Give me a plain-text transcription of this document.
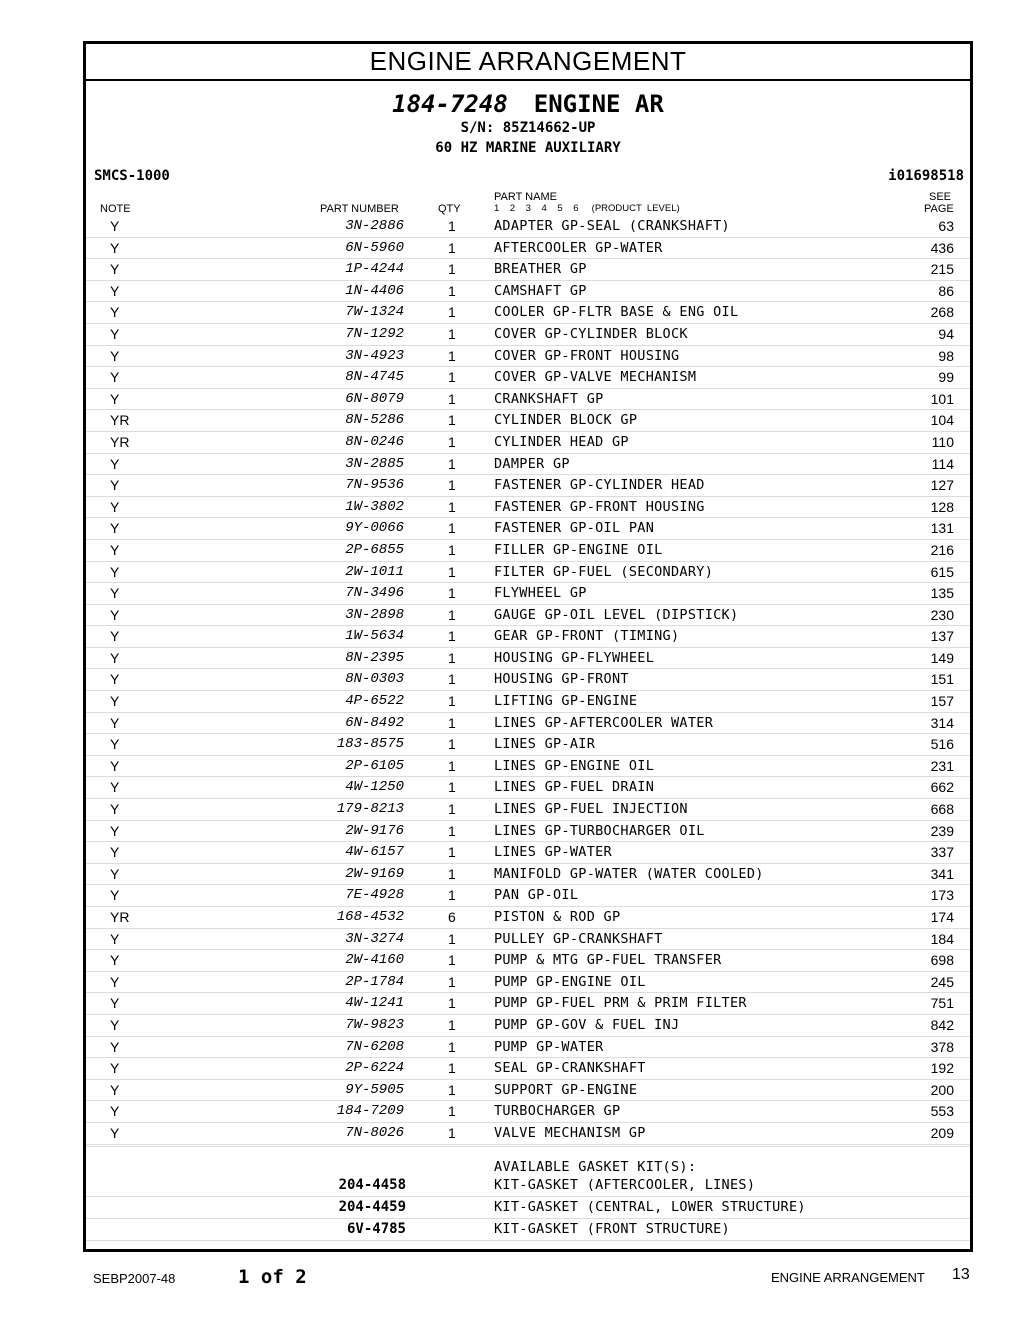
ENGINE ARRANGEMENT
184-7248 ENGINE AR
S/N: 85Z14662-UP
60 HZ MARINE AUXILIARY
SMCS-1000	i01698518
NOTE	PART NUMBER	QTY
PART NAME
1    2    3    4    5    6     (PRODUCT  LEVEL)
SEE
PAGE
Y	3N-2886	1	ADAPTER GP-SEAL (CRANKSHAFT)	63
Y	6N-5960	1	AFTERCOOLER GP-WATER	436
Y	1P-4244	1	BREATHER GP	215
Y	1N-4406	1	CAMSHAFT GP	86
Y	7W-1324	1	COOLER GP-FLTR BASE & ENG OIL	268
Y	7N-1292	1	COVER GP-CYLINDER BLOCK	94
Y	3N-4923	1	COVER GP-FRONT HOUSING	98
Y	8N-4745	1	COVER GP-VALVE MECHANISM	99
Y	6N-8079	1	CRANKSHAFT GP	101
YR	8N-5286	1	CYLINDER BLOCK GP	104
YR	8N-0246	1	CYLINDER HEAD GP	110
Y	3N-2885	1	DAMPER GP	114
Y	7N-9536	1	FASTENER GP-CYLINDER HEAD	127
Y	1W-3802	1	FASTENER GP-FRONT HOUSING	128
Y	9Y-0066	1	FASTENER GP-OIL PAN	131
Y	2P-6855	1	FILLER GP-ENGINE OIL	216
Y	2W-1011	1	FILTER GP-FUEL (SECONDARY)	615
Y	7N-3496	1	FLYWHEEL GP	135
Y	3N-2898	1	GAUGE GP-OIL LEVEL (DIPSTICK)	230
Y	1W-5634	1	GEAR GP-FRONT (TIMING)	137
Y	8N-2395	1	HOUSING GP-FLYWHEEL	149
Y	8N-0303	1	HOUSING GP-FRONT	151
Y	4P-6522	1	LIFTING GP-ENGINE	157
Y	6N-8492	1	LINES GP-AFTERCOOLER WATER	314
Y	183-8575	1	LINES GP-AIR	516
Y	2P-6105	1	LINES GP-ENGINE OIL	231
Y	4W-1250	1	LINES GP-FUEL DRAIN	662
Y	179-8213	1	LINES GP-FUEL INJECTION	668
Y	2W-9176	1	LINES GP-TURBOCHARGER OIL	239
Y	4W-6157	1	LINES GP-WATER	337
Y	2W-9169	1	MANIFOLD GP-WATER (WATER COOLED)	341
Y	7E-4928	1	PAN GP-OIL	173
YR	168-4532	6	PISTON & ROD GP	174
Y	3N-3274	1	PULLEY GP-CRANKSHAFT	184
Y	2W-4160	1	PUMP & MTG GP-FUEL TRANSFER	698
Y	2P-1784	1	PUMP GP-ENGINE OIL	245
Y	4W-1241	1	PUMP GP-FUEL PRM & PRIM FILTER	751
Y	7W-9823	1	PUMP GP-GOV & FUEL INJ	842
Y	7N-6208	1	PUMP GP-WATER	378
Y	2P-6224	1	SEAL GP-CRANKSHAFT	192
Y	9Y-5905	1	SUPPORT GP-ENGINE	200
Y	184-7209	1	TURBOCHARGER GP	553
Y	7N-8026	1	VALVE MECHANISM GP	209
AVAILABLE GASKET KIT(S):
204-4458	KIT-GASKET (AFTERCOOLER, LINES)
204-4459	KIT-GASKET (CENTRAL, LOWER STRUCTURE)
6V-4785	KIT-GASKET (FRONT STRUCTURE)
SEBP2007-48	1 of 2	ENGINE ARRANGEMENT 13
